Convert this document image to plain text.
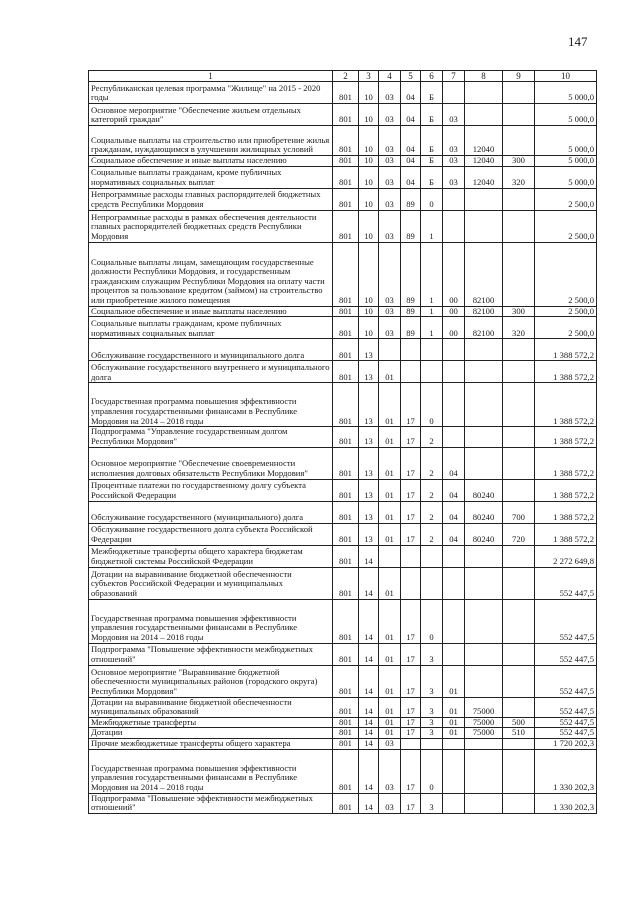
147
1	2	3	4	5	6	7	8	9	10
Республиканская целевая программа "Жилище" на 2015 - 2020 годы	801	10	03	04	Б				5 000,0
Основное мероприятие "Обеспечение жильем отдельных категорий граждан"	801	10	03	04	Б	03			5 000,0
Социальные выплаты на строительство или приобретение жилья гражданам, нуждающимся в улучшении жилищных условий	801	10	03	04	Б	03	12040		5 000,0
Социальное обеспечение и иные выплаты населению	801	10	03	04	Б	03	12040	300	5 000,0
Социальные выплаты гражданам, кроме публичных нормативных социальных выплат	801	10	03	04	Б	03	12040	320	5 000,0
Непрограммные расходы главных распорядителей бюджетных средств Республики Мордовия	801	10	03	89	0				2 500,0
Непрограммные расходы в рамках обеспечения деятельности главных распорядителей бюджетных средств Республики Мордовия	801	10	03	89	1				2 500,0
Социальные выплаты лицам, замещающим государственные должности Республики Мордовия, и государственным гражданским служащим Республики Мордовия на оплату части процентов за пользование кредитом (займом) на строительство или приобретение жилого помещения	801	10	03	89	1	00	82100		2 500,0
Социальное обеспечение и иные выплаты населению	801	10	03	89	1	00	82100	300	2 500,0
Социальные выплаты гражданам, кроме публичных нормативных социальных выплат	801	10	03	89	1	00	82100	320	2 500,0
Обслуживание государственного и муниципального долга	801	13							1 388 572,2
Обслуживание государственного внутреннего и муниципального долга	801	13	01						1 388 572,2
Государственная программа повышения эффективности управления государственными финансами в Республике Мордовия на 2014 – 2018 годы	801	13	01	17	0				1 388 572,2
Подпрограмма "Управление государственным долгом Республики Мордовия"	801	13	01	17	2				1 388 572,2
Основное мероприятие "Обеспечение своевременности исполнения долговых обязательств Республики Мордовия"	801	13	01	17	2	04			1 388 572,2
Процентные платежи по государственному долгу субъекта Российской Федерации	801	13	01	17	2	04	80240		1 388 572,2
Обслуживание государственного (муниципального) долга	801	13	01	17	2	04	80240	700	1 388 572,2
Обслуживание государственного долга субъекта Российской Федерации	801	13	01	17	2	04	80240	720	1 388 572,2
Межбюджетные трансферты общего характера бюджетам бюджетной системы Российской Федерации	801	14							2 272 649,8
Дотации на выравнивание бюджетной обеспеченности субъектов Российской Федерации и муниципальных образований	801	14	01						552 447,5
Государственная программа повышения эффективности управления государственными финансами в Республике Мордовия на 2014 – 2018 годы	801	14	01	17	0				552 447,5
Подпрограмма "Повышение эффективности межбюджетных отношений"	801	14	01	17	3				552 447,5
Основное мероприятие "Выравнивание бюджетной обеспеченности муниципальных районов (городского округа) Республики Мордовия"	801	14	01	17	3	01			552 447,5
Дотации на выравнивание бюджетной обеспеченности муниципальных образований	801	14	01	17	3	01	75000		552 447,5
Межбюджетные трансферты	801	14	01	17	3	01	75000	500	552 447,5
Дотации	801	14	01	17	3	01	75000	510	552 447,5
Прочие межбюджетные трансферты общего характера	801	14	03						1 720 202,3
Государственная программа повышения эффективности управления государственными финансами в Республике Мордовия на 2014 – 2018 годы	801	14	03	17	0				1 330 202,3
Подпрограмма "Повышение эффективности межбюджетных отношений"	801	14	03	17	3				1 330 202,3
